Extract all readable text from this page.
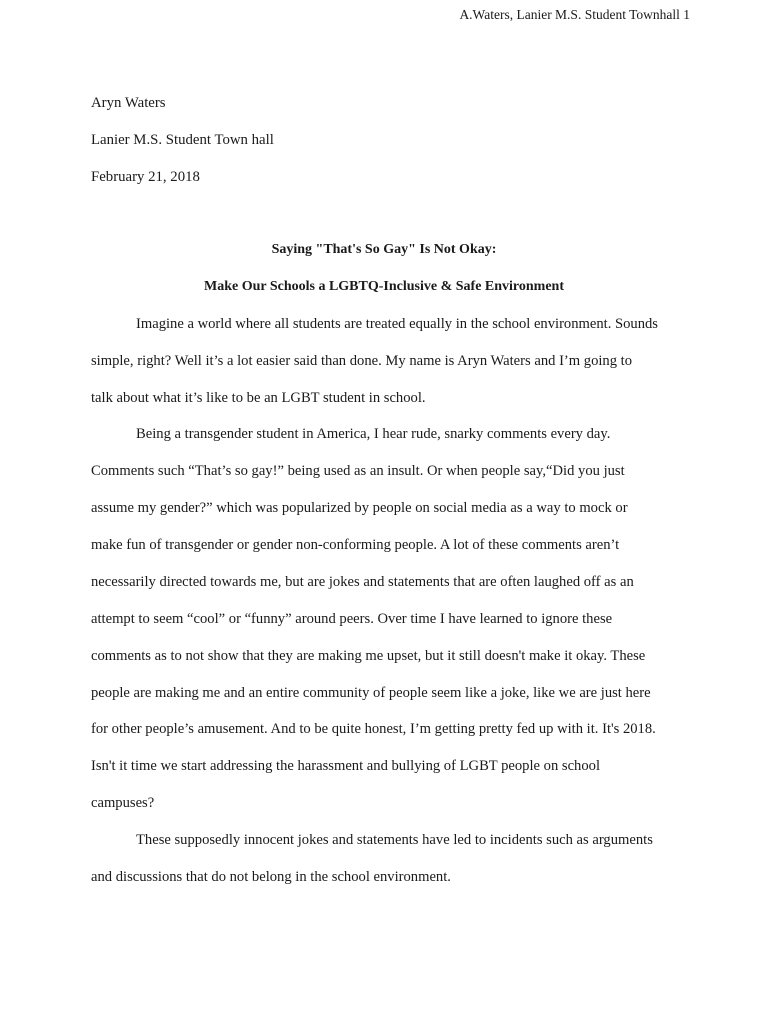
A.Waters, Lanier M.S. Student Townhall 1
Aryn Waters
Lanier M.S. Student Town hall
February 21, 2018
Saying "That's So Gay" Is Not Okay:
Make Our Schools a LGBTQ-Inclusive & Safe Environment
Imagine a world where all students are treated equally in the school environment. Sounds
simple, right? Well it’s a lot easier said than done. My name is Aryn Waters and I’m going to
talk about what it’s like to be an LGBT student in school.
Being a transgender student in America, I hear rude, snarky comments every day.
Comments such “That’s so gay!” being used as an insult. Or when people say,“Did you just
assume my gender?” which was popularized by people on social media as a way to mock or
make fun of transgender or gender non-conforming people. A lot of these comments aren’t
necessarily directed towards me, but are jokes and statements that are often laughed off as an
attempt to seem “cool” or “funny” around peers. Over time I have learned to ignore these
comments as to not show that they are making me upset, but it still doesn't make it okay. These
people are making me and an entire community of people seem like a joke, like we are just here
for other people’s amusement. And to be quite honest, I’m getting pretty fed up with it. It's 2018.
Isn't it time we start addressing the harassment and bullying of LGBT people on school
campuses?
These supposedly innocent jokes and statements have led to incidents such as arguments
and discussions that do not belong in the school environment.
